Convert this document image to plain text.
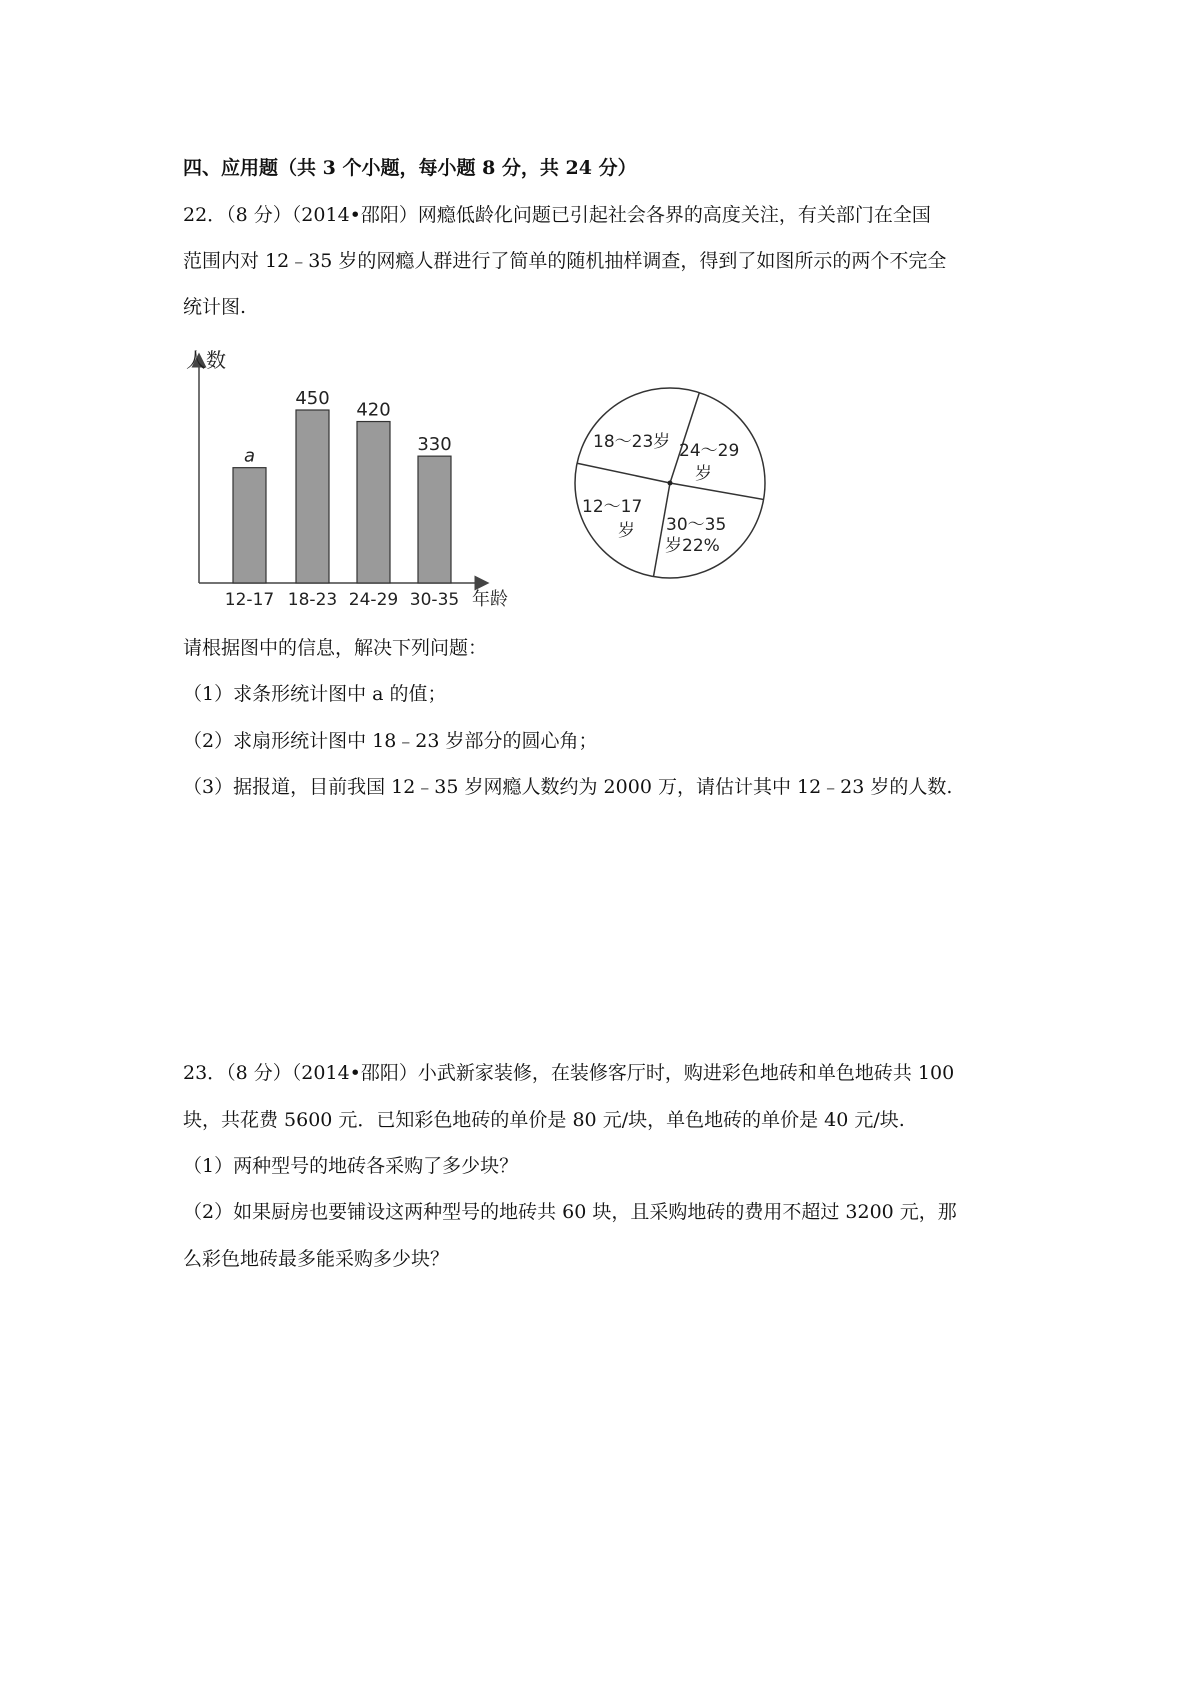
四、应用题（共 3 个小题，每小题 8 分，共 24 分）
22．（8 分）（2014•邵阳）网瘾低龄化问题已引起社会各界的高度关注，有关部门在全国
范围内对 12﹣35 岁的网瘾人群进行了简单的随机抽样调查，得到了如图所示的两个不完全
统计图.
人数
年龄
a
12-17
450
18-23
420
24-29
330
30-35
18～23岁 24～29 岁
12～17 岁	30～35 岁22%
请根据图中的信息，解决下列问题：
（1）求条形统计图中 a 的值；
（2）求扇形统计图中 18﹣23 岁部分的圆心角；
（3）据报道，目前我国 12﹣35 岁网瘾人数约为 2000 万，请估计其中 12﹣23 岁的人数.
23．（8 分）（2014•邵阳）小武新家装修，在装修客厅时，购进彩色地砖和单色地砖共 100
块，共花费 5600 元．已知彩色地砖的单价是 80 元/块，单色地砖的单价是 40 元/块.
（1）两种型号的地砖各采购了多少块？
（2）如果厨房也要铺设这两种型号的地砖共 60 块，且采购地砖的费用不超过 3200 元，那
么彩色地砖最多能采购多少块？
